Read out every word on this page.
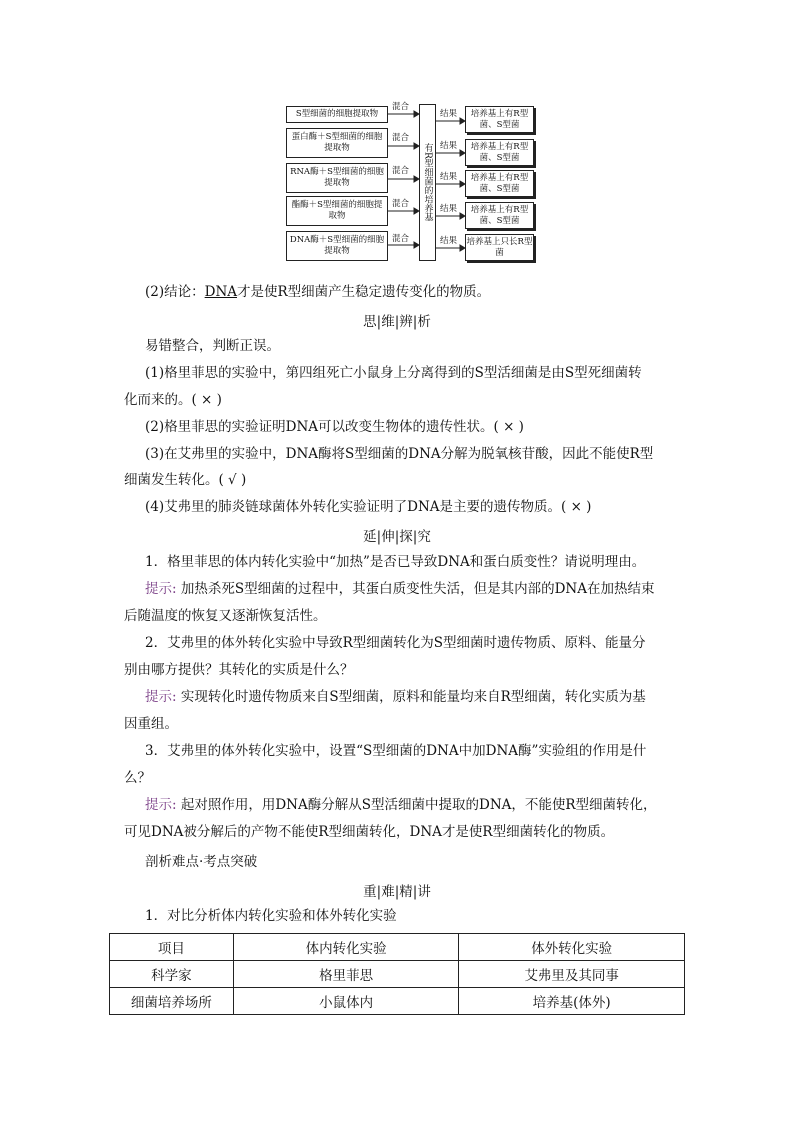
S型细菌的细胞提取物
蛋白酶＋S型细菌的细胞提取物
RNA酶＋S型细菌的细胞提取物
酯酶＋S型细菌的细胞提取物
DNA酶＋S型细菌的细胞提取物
混合
混合
混合
混合
混合
有R型细菌的培养基
结果
结果
结果
结果
结果
培养基上有R型菌、S型菌
培养基上有R型菌、S型菌
培养基上有R型菌、S型菌
培养基上有R型菌、S型菌
培养基上只长R型菌
(2)结论：DNA才是使R型细菌产生稳定遗传变化的物质。
思|维|辨|析
易错整合，判断正误。
(1)格里菲思的实验中，第四组死亡小鼠身上分离得到的S型活细菌是由S型死细菌转
化而来的。( × )
(2)格里菲思的实验证明DNA可以改变生物体的遗传性状。( × )
(3)在艾弗里的实验中，DNA酶将S型细菌的DNA分解为脱氧核苷酸，因此不能使R型
细菌发生转化。( √ )
(4)艾弗里的肺炎链球菌体外转化实验证明了DNA是主要的遗传物质。( × )
延|伸|探|究
1．格里菲思的体内转化实验中“加热”是否已导致DNA和蛋白质变性？请说明理由。
提示: 加热杀死S型细菌的过程中，其蛋白质变性失活，但是其内部的DNA在加热结束
后随温度的恢复又逐渐恢复活性。
2．艾弗里的体外转化实验中导致R型细菌转化为S型细菌时遗传物质、原料、能量分
别由哪方提供？其转化的实质是什么？
提示: 实现转化时遗传物质来自S型细菌，原料和能量均来自R型细菌，转化实质为基
因重组。
3．艾弗里的体外转化实验中，设置“S型细菌的DNA中加DNA酶”实验组的作用是什
么？
提示: 起对照作用，用DNA酶分解从S型活细菌中提取的DNA，不能使R型细菌转化，
可见DNA被分解后的产物不能使R型细菌转化，DNA才是使R型细菌转化的物质。
剖析难点·考点突破
重|难|精|讲
1．对比分析体内转化实验和体外转化实验
项目	体内转化实验	体外转化实验
科学家	格里菲思	艾弗里及其同事
细菌培养场所	小鼠体内	培养基(体外)
